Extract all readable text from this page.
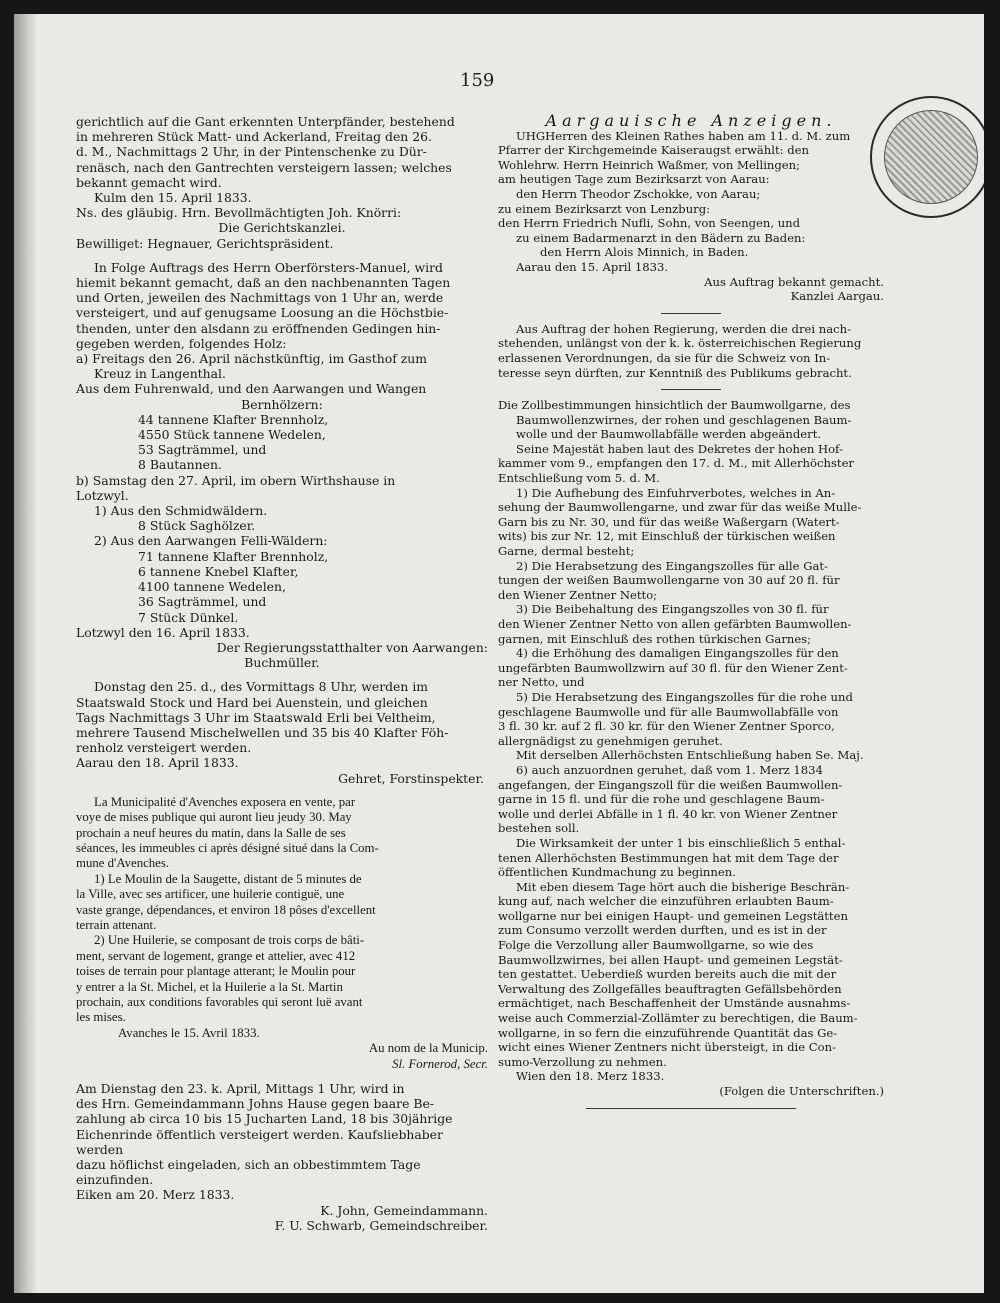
159

gerichtlich auf die Gant erkennten Unterpfänder, bestehend

in mehreren Stück Matt- und Ackerland, Freitag den 26.

d. M., Nachmittags 2 Uhr, in der Pintenschenke zu Dür-

renäsch, nach den Gantrechten versteigern lassen; welches

bekannt gemacht wird.

Kulm den 15. April 1833.

Ns. des gläubig. Hrn. Bevollmächtigten Joh. Knörri:

Die Gerichtskanzlei.

Bewilliget: Hegnauer, Gerichtspräsident.

In Folge Auftrags des Herrn Oberförsters-Manuel, wird

hiemit bekannt gemacht, daß an den nachbenannten Tagen

und Orten, jeweilen des Nachmittags von 1 Uhr an, werde

versteigert, und auf genugsame Loosung an die Höchstbie-

thenden, unter den alsdann zu eröffnenden Gedingen hin-

gegeben werden, folgendes Holz:

a) Freitags den 26. April nächstkünftig, im Gasthof zum

Kreuz in Langenthal.

Aus dem Fuhrenwald, und den Aarwangen und Wangen

Bernhölzern:

44 tannene Klafter Brennholz,

4550 Stück tannene Wedelen,

53 Sagträmmel, und

8 Bautannen.

b) Samstag den 27. April, im obern Wirthshause in

Lotzwyl.

1) Aus den Schmidwäldern.

8 Stück Saghölzer.

2) Aus den Aarwangen Felli-Wäldern:

71 tannene Klafter Brennholz,

6 tannene Knebel Klafter,

4100 tannene Wedelen,

36 Sagträmmel, und

7 Stück Dünkel.

Lotzwyl den 16. April 1833.

Der Regierungsstatthalter von Aarwangen:

Buchmüller.

Donstag den 25. d., des Vormittags 8 Uhr, werden im

Staatswald Stock und Hard bei Auenstein, und gleichen

Tags Nachmittags 3 Uhr im Staatswald Erli bei Veltheim,

mehrere Tausend Mischelwellen und 35 bis 40 Klafter Föh-

renholz versteigert werden.

Aarau den 18. April 1833.

Gehret, Forstinspekter.

La Municipalité d'Avenches exposera en vente, par

voye de mises publique qui auront lieu jeudy 30. May

prochain a neuf heures du matin, dans la Salle de ses

séances, les immeubles ci après désigné situé dans la Com-

mune d'Avenches.

1) Le Moulin de la Saugette, distant de 5 minutes de

la Ville, avec ses artificer, une huilerie contiguë, une

vaste grange, dépendances, et environ 18 pôses d'excellent

terrain attenant.

2) Une Huilerie, se composant de trois corps de bâti-

ment, servant de logement, grange et attelier, avec 412

toises de terrain pour plantage atterant; le Moulin pour

y entrer a la St. Michel, et la Huilerie a la St. Martin

prochain, aux conditions favorables qui seront luë avant

les mises.

Avanches le 15. Avril 1833.

Au nom de la Municip.

Sl. Fornerod, Secr.

Am Dienstag den 23. k. April, Mittags 1 Uhr, wird in

des Hrn. Gemeindammann Johns Hause gegen baare Be-

zahlung ab circa 10 bis 15 Jucharten Land, 18 bis 30jährige

Eichenrinde öffentlich versteigert werden. Kaufsliebhaber werden

dazu höflichst eingeladen, sich an obbestimmtem Tage einzufinden.

Eiken am 20. Merz 1833.

K. John, Gemeindammann.

F. U. Schwarb, Gemeindschreiber.

Aargauische Anzeigen.

UHGHerren des Kleinen Rathes haben am 11. d. M. zum

Pfarrer der Kirchgemeinde Kaiseraugst erwählt: den

Wohlehrw. Herrn Heinrich Waßmer, von Mellingen;

am heutigen Tage zum Bezirksarzt von Aarau:

den Herrn Theodor Zschokke, von Aarau;

zu einem Bezirksarzt von Lenzburg:

den Herrn Friedrich Nufli, Sohn, von Seengen, und

zu einem Badarmenarzt in den Bädern zu Baden:

den Herrn Alois Minnich, in Baden.

Aarau den 15. April 1833.

Aus Auftrag bekannt gemacht.

Kanzlei Aargau.

Aus Auftrag der hohen Regierung, werden die drei nach-

stehenden, unlängst von der k. k. österreichischen Regierung

erlassenen Verordnungen, da sie für die Schweiz von In-

teresse seyn dürften, zur Kenntniß des Publikums gebracht.

Die Zollbestimmungen hinsichtlich der Baumwollgarne, des

Baumwollenzwirnes, der rohen und geschlagenen Baum-

wolle und der Baumwollabfälle werden abgeändert.

Seine Majestät haben laut des Dekretes der hohen Hof-

kammer vom 9., empfangen den 17. d. M., mit Allerhöchster

Entschließung vom 5. d. M.

1) Die Aufhebung des Einfuhrverbotes, welches in An-

sehung der Baumwollengarne, und zwar für das weiße Mulle-

Garn bis zu Nr. 30, und für das weiße Waßergarn (Watert-

wits) bis zur Nr. 12, mit Einschluß der türkischen weißen

Garne, dermal besteht;

2) Die Herabsetzung des Eingangszolles für alle Gat-

tungen der weißen Baumwollengarne von 30 auf 20 fl. für

den Wiener Zentner Netto;

3) Die Beibehaltung des Eingangszolles von 30 fl. für

den Wiener Zentner Netto von allen gefärbten Baumwollen-

garnen, mit Einschluß des rothen türkischen Garnes;

4) die Erhöhung des damaligen Eingangszolles für den

ungefärbten Baumwollzwirn auf 30 fl. für den Wiener Zent-

ner Netto, und

5) Die Herabsetzung des Eingangszolles für die rohe und

geschlagene Baumwolle und für alle Baumwollabfälle von

3 fl. 30 kr. auf 2 fl. 30 kr. für den Wiener Zentner Sporco,

allergnädigst zu genehmigen geruhet.

Mit derselben Allerhöchsten Entschließung haben Se. Maj.

6) auch anzuordnen geruhet, daß vom 1. Merz 1834

angefangen, der Eingangszoll für die weißen Baumwollen-

garne in 15 fl. und für die rohe und geschlagene Baum-

wolle und derlei Abfälle in 1 fl. 40 kr. von Wiener Zentner

bestehen soll.

Die Wirksamkeit der unter 1 bis einschließlich 5 enthal-

tenen Allerhöchsten Bestimmungen hat mit dem Tage der

öffentlichen Kundmachung zu beginnen.

Mit eben diesem Tage hört auch die bisherige Beschrän-

kung auf, nach welcher die einzuführen erlaubten Baum-

wollgarne nur bei einigen Haupt- und gemeinen Legstätten

zum Consumo verzollt werden durften, und es ist in der

Folge die Verzollung aller Baumwollgarne, so wie des

Baumwollzwirnes, bei allen Haupt- und gemeinen Legstät-

ten gestattet. Ueberdieß wurden bereits auch die mit der

Verwaltung des Zollgefälles beauftragten Gefällsbehörden

ermächtiget, nach Beschaffenheit der Umstände ausnahms-

weise auch Commerzial-Zollämter zu berechtigen, die Baum-

wollgarne, in so fern die einzuführende Quantität das Ge-

wicht eines Wiener Zentners nicht übersteigt, in die Con-

sumo-Verzollung zu nehmen.

Wien den 18. Merz 1833.

(Folgen die Unterschriften.)
